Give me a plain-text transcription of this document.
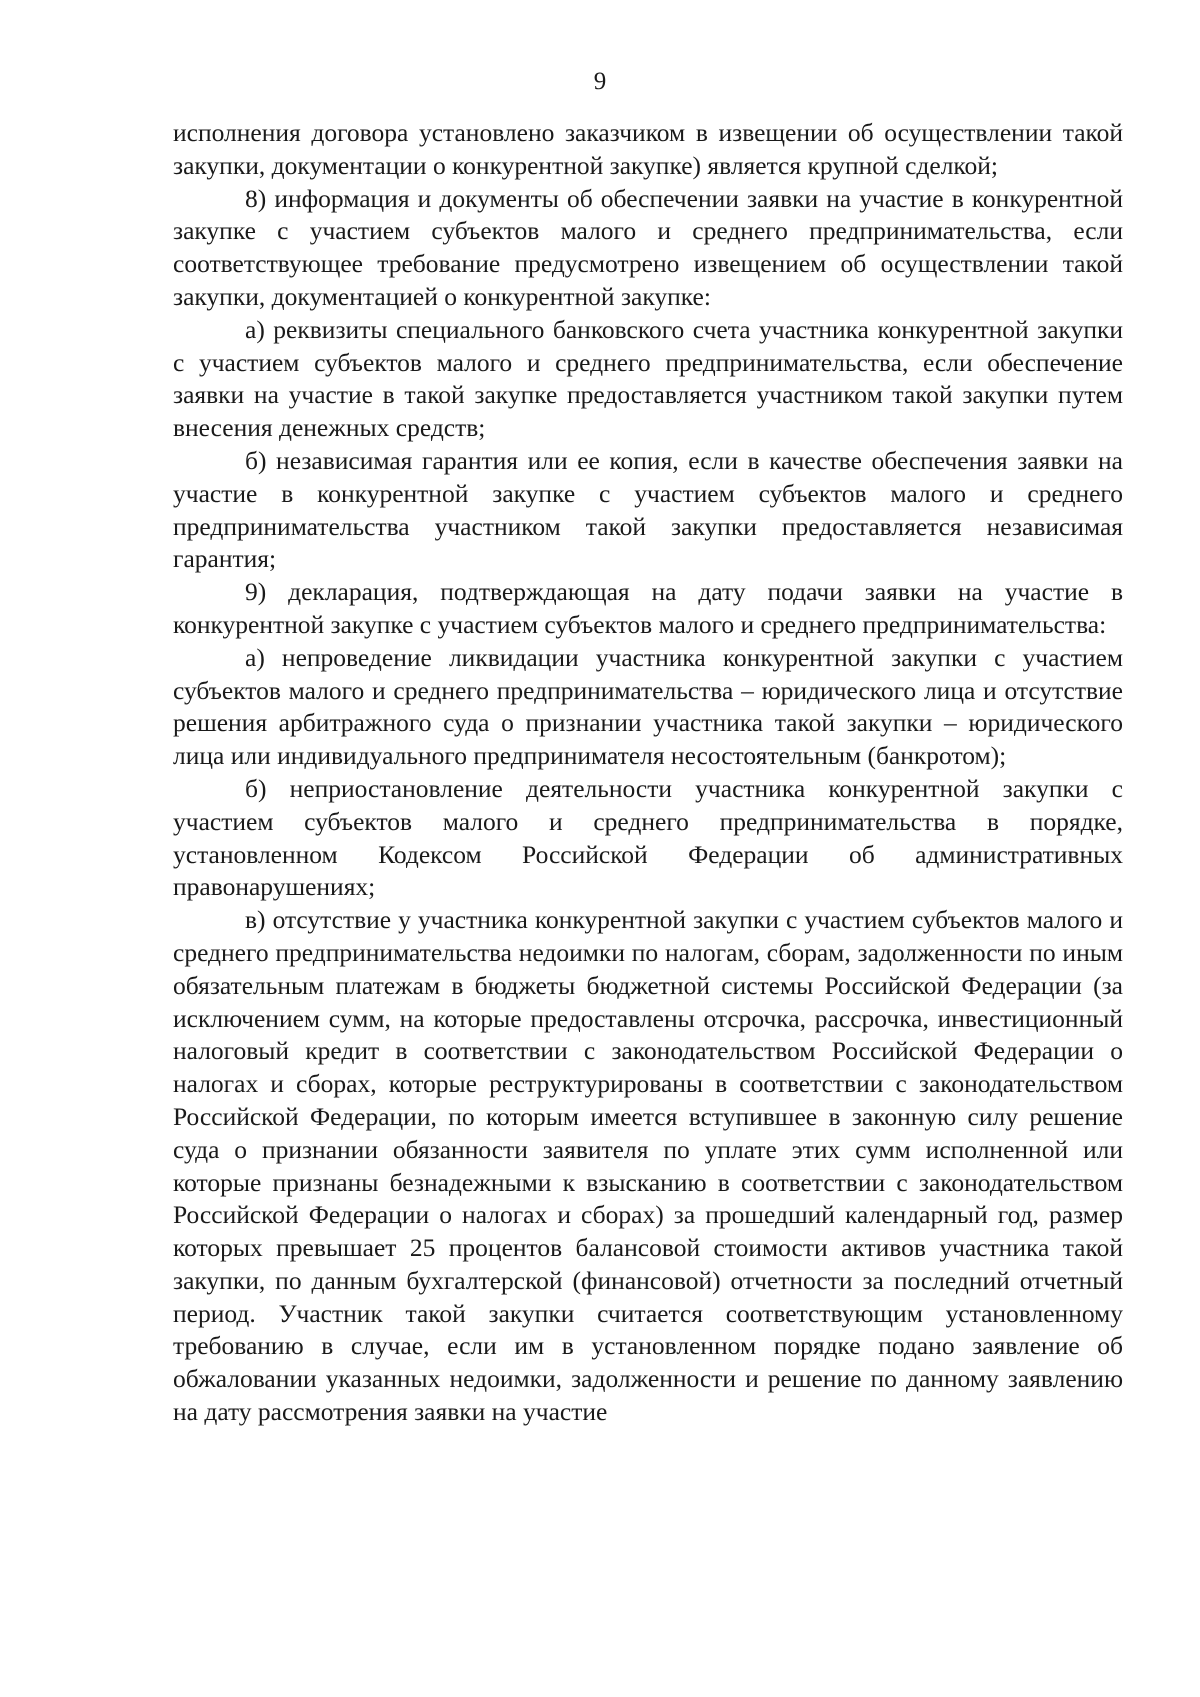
9

исполнения договора установлено заказчиком в извещении об осуществлении такой закупки, документации о конкурентной закупке) является крупной сделкой;

8) информация и документы об обеспечении заявки на участие в конкурентной закупке с участием субъектов малого и среднего предпринимательства, если соответствующее требование предусмотрено извещением об осуществлении такой закупки, документацией о конкурентной закупке:

а) реквизиты специального банковского счета участника конкурентной закупки с участием субъектов малого и среднего предпринимательства, если обеспечение заявки на участие в такой закупке предоставляется участником такой закупки путем внесения денежных средств;

б) независимая гарантия или ее копия, если в качестве обеспечения заявки на участие в конкурентной закупке с участием субъектов малого и среднего предпринимательства участником такой закупки предоставляется независимая гарантия;

9) декларация, подтверждающая на дату подачи заявки на участие в конкурентной закупке с участием субъектов малого и среднего предпринимательства:

а) непроведение ликвидации участника конкурентной закупки с участием субъектов малого и среднего предпринимательства – юридического лица и отсутствие решения арбитражного суда о признании участника такой закупки – юридического лица или индивидуального предпринимателя несостоятельным (банкротом);

б) неприостановление деятельности участника конкурентной закупки с участием субъектов малого и среднего предпринимательства в порядке, установленном Кодексом Российской Федерации об административных правонарушениях;

в) отсутствие у участника конкурентной закупки с участием субъектов малого и среднего предпринимательства недоимки по налогам, сборам, задолженности по иным обязательным платежам в бюджеты бюджетной системы Российской Федерации (за исключением сумм, на которые предоставлены отсрочка, рассрочка, инвестиционный налоговый кредит в соответствии с законодательством Российской Федерации о налогах и сборах, которые реструктурированы в соответствии с законодательством Российской Федерации, по которым имеется вступившее в законную силу решение суда о признании обязанности заявителя по уплате этих сумм исполненной или которые признаны безнадежными к взысканию в соответствии с законодательством Российской Федерации о налогах и сборах) за прошедший календарный год, размер которых превышает 25 процентов балансовой стоимости активов участника такой закупки, по данным бухгалтерской (финансовой) отчетности за последний отчетный период. Участник такой закупки считается соответствующим установленному требованию в случае, если им в установленном порядке подано заявление об обжаловании указанных недоимки, задолженности и решение по данному заявлению на дату рассмотрения заявки на участие
